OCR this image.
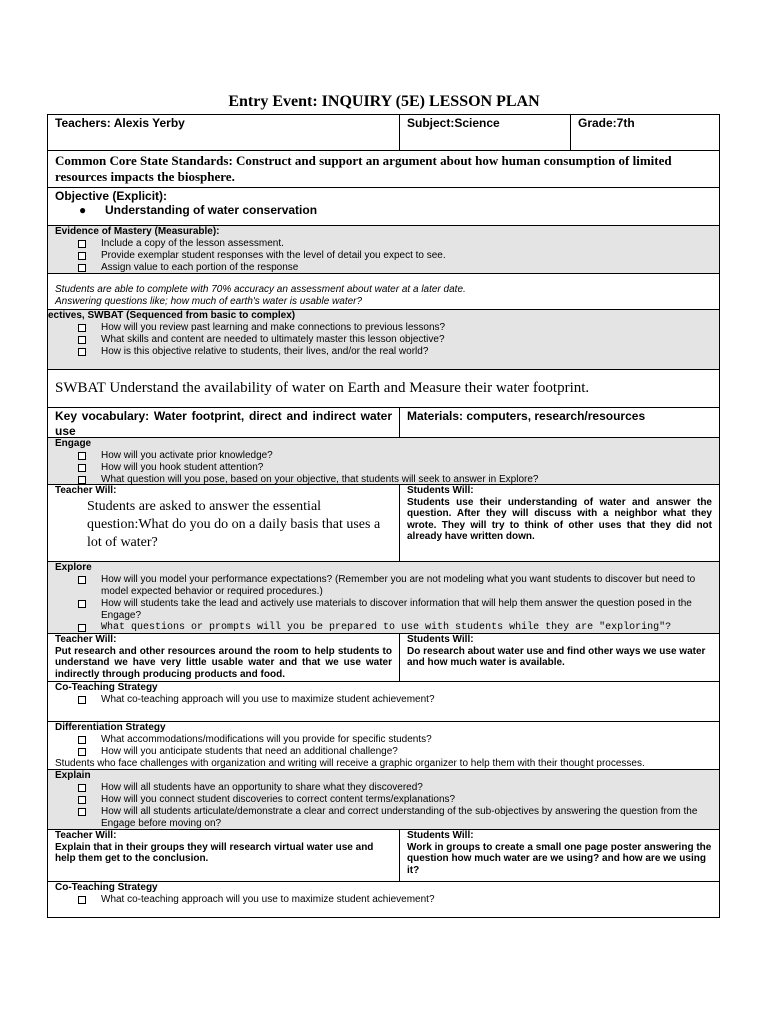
Entry Event: INQUIRY (5E) LESSON PLAN
Teachers: Alexis Yerby	Subject:Science	Grade:7th
Common Core State Standards: Construct and support an argument about how human consumption of limited resources impacts the biosphere.
Objective (Explicit):
● Understanding of water conservation
Evidence of Mastery (Measurable):
Include a copy of the lesson assessment.
Provide exemplar student responses with the level of detail you expect to see.
Assign value to each portion of the response
Students are able to complete with 70% accuracy an assessment about water at a later date.
Answering questions like; how much of earth's water is usable water?
ectives, SWBAT (Sequenced from basic to complex)
How will you review past learning and make connections to previous lessons?
What skills and content are needed to ultimately master this lesson objective?
How is this objective relative to students, their lives, and/or the real world?
SWBAT Understand the availability of water on Earth and Measure their water footprint.
Key vocabulary: Water footprint, direct and indirect water use
Materials: computers, research/resources
Engage
How will you activate prior knowledge?
How will you hook student attention?
What question will you pose, based on your objective, that students will seek to answer in Explore?
Teacher Will:
Students are asked to answer the essential question:What do you do on a daily basis that uses a lot of water?
Students Will:
Students use their understanding of water and answer the question. After they will discuss with a neighbor what they wrote. They will try to think of other uses that they did not already have written down.
Explore
How will you model your performance expectations? (Remember you are not modeling what you want students to discover but need to model expected behavior or required procedures.)
How will students take the lead and actively use materials to discover information that will help them answer the question posed in the Engage?
What questions or prompts will you be prepared to use with students while they are "exploring"?
Teacher Will:
Put research and other resources around the room to help students to understand we have very little usable water and that we use water indirectly through producing products and food.
Students Will:
Do research about water use and find other ways we use water and how much water is available.
Co-Teaching Strategy
What co-teaching approach will you use to maximize student achievement?
Differentiation Strategy
What accommodations/modifications will you provide for specific students?
How will you anticipate students that need an additional challenge?
Students who face challenges with organization and writing will receive a graphic organizer to help them with their thought processes.
Explain
How will all students have an opportunity to share what they discovered?
How will you connect student discoveries to correct content terms/explanations?
How will all students articulate/demonstrate a clear and correct understanding of the sub-objectives by answering the question from the Engage before moving on?
Teacher Will:
Explain that in their groups they will research virtual water use and help them get to the conclusion.
Students Will:
Work in groups to create a small one page poster answering the question how much water are we using? and how are we using it?
Co-Teaching Strategy
What co-teaching approach will you use to maximize student achievement?
